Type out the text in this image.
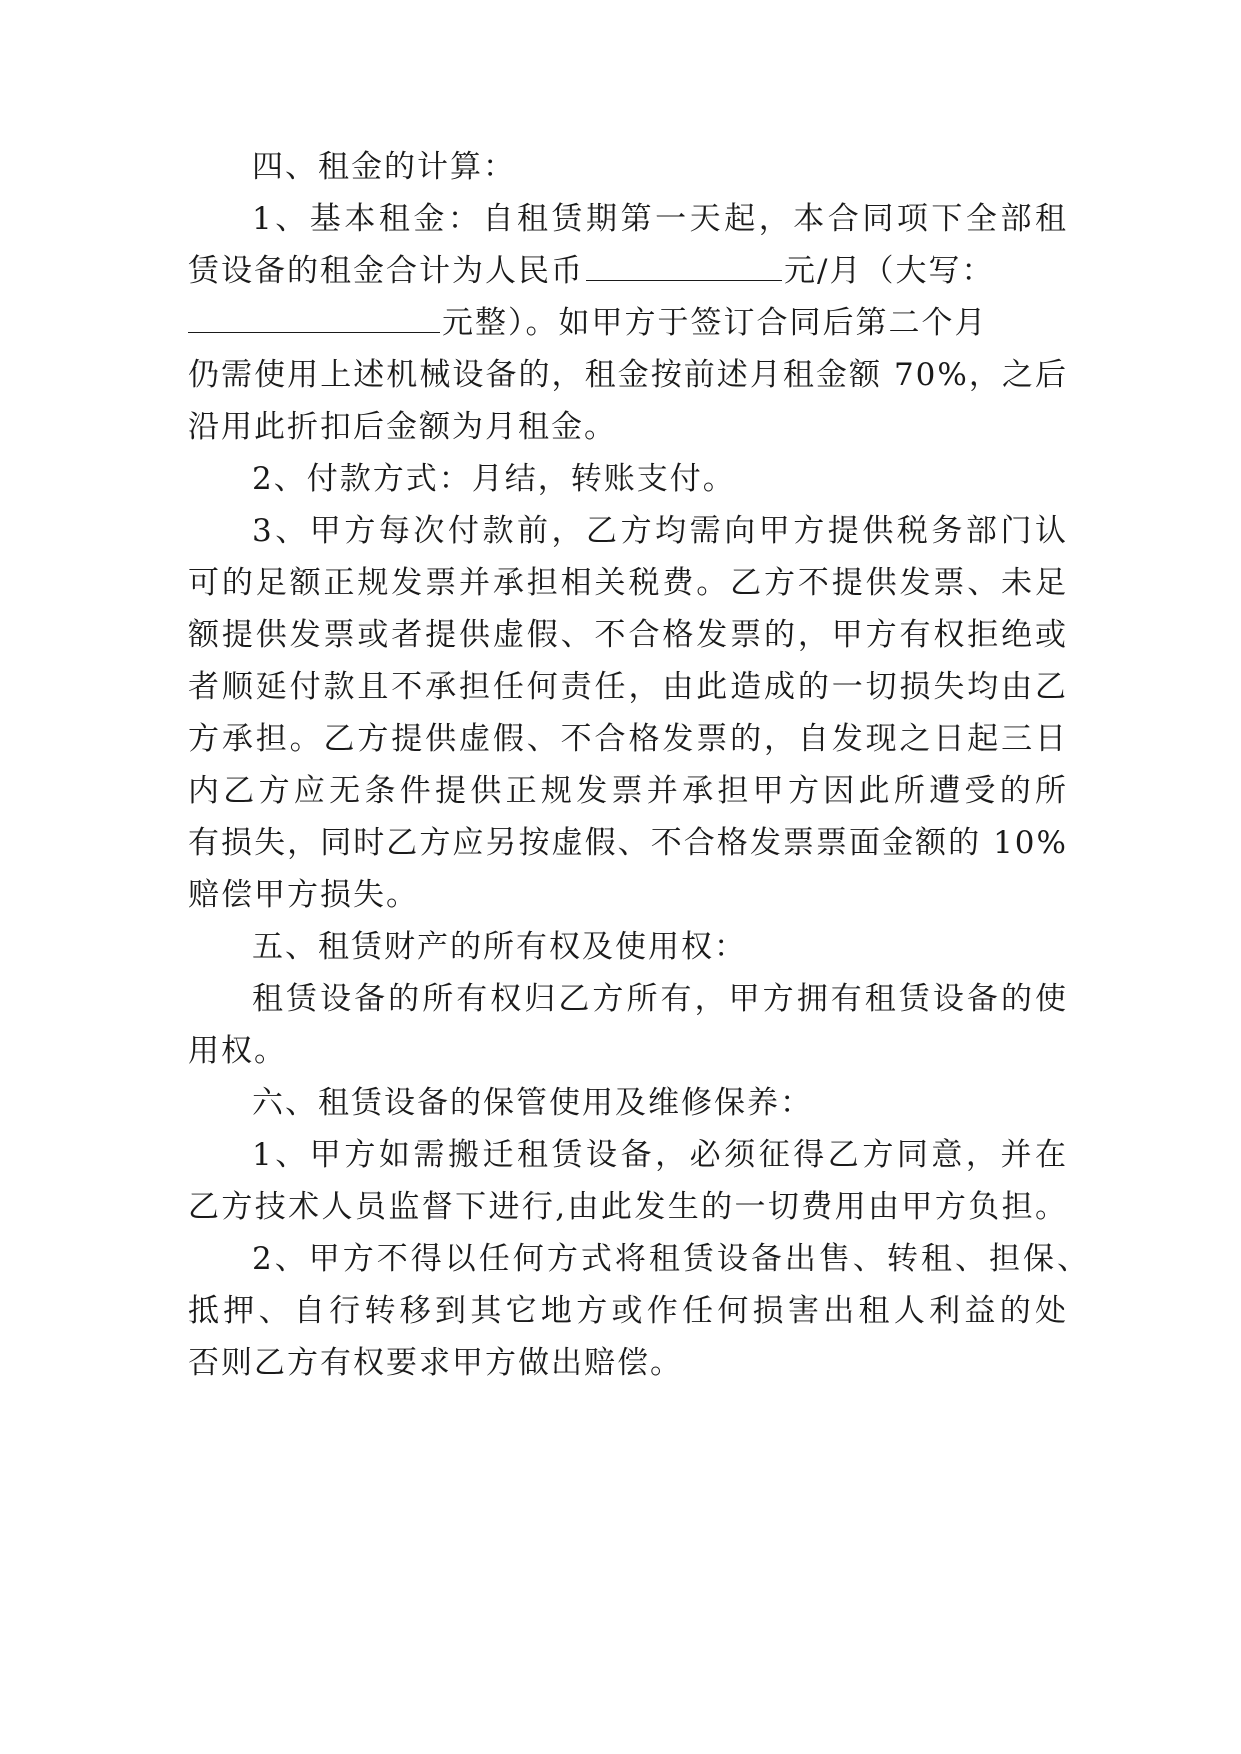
四、租金的计算：
1、基本租金：自租赁期第一天起，本合同项下全部租
赁设备的租金合计为人民币	元/月（大写：
元整）。如甲方于签订合同后第二个月
仍需使用上述机械设备的，租金按前述月租金额 70%，之后
沿用此折扣后金额为月租金。
2、付款方式：月结，转账支付。
3、甲方每次付款前，乙方均需向甲方提供税务部门认
可的足额正规发票并承担相关税费。乙方不提供发票、未足
额提供发票或者提供虚假、不合格发票的，甲方有权拒绝或
者顺延付款且不承担任何责任，由此造成的一切损失均由乙
方承担。乙方提供虚假、不合格发票的，自发现之日起三日
内乙方应无条件提供正规发票并承担甲方因此所遭受的所
有损失，同时乙方应另按虚假、不合格发票票面金额的 10%
赔偿甲方损失。
五、租赁财产的所有权及使用权：
租赁设备的所有权归乙方所有，甲方拥有租赁设备的使
用权。
六、租赁设备的保管使用及维修保养：
1、甲方如需搬迁租赁设备，必须征得乙方同意，并在
乙方技术人员监督下进行,由此发生的一切费用由甲方负担。
2、甲方不得以任何方式将租赁设备出售、转租、担保、
抵押、自行转移到其它地方或作任何损害出租人利益的处
否则乙方有权要求甲方做出赔偿。
